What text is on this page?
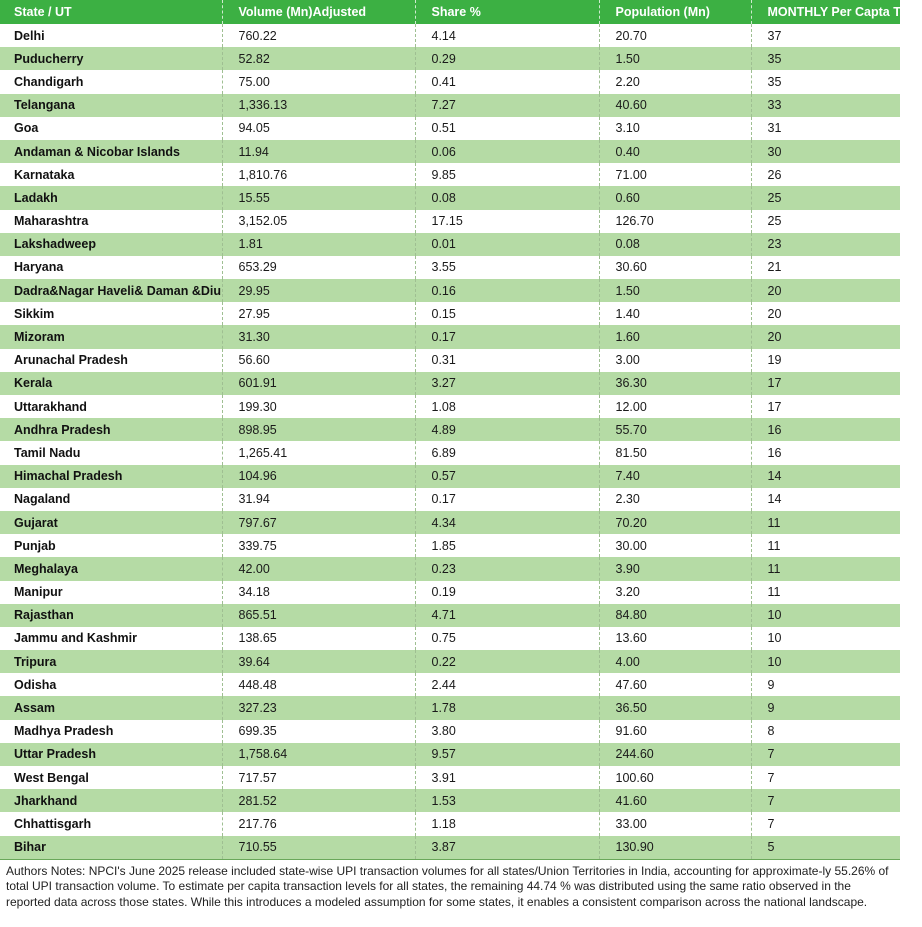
State / UT	Volume (Mn)Adjusted	Share %	Population (Mn)	MONTHLY Per Capta Txns
Delhi	760.22	4.14	20.70	37
Puducherry	52.82	0.29	1.50	35
Chandigarh	75.00	0.41	2.20	35
Telangana	1,336.13	7.27	40.60	33
Goa	94.05	0.51	3.10	31
Andaman & Nicobar Islands	11.94	0.06	0.40	30
Karnataka	1,810.76	9.85	71.00	26
Ladakh	15.55	0.08	0.60	25
Maharashtra	3,152.05	17.15	126.70	25
Lakshadweep	1.81	0.01	0.08	23
Haryana	653.29	3.55	30.60	21
Dadra&Nagar Haveli& Daman &Diu	29.95	0.16	1.50	20
Sikkim	27.95	0.15	1.40	20
Mizoram	31.30	0.17	1.60	20
Arunachal Pradesh	56.60	0.31	3.00	19
Kerala	601.91	3.27	36.30	17
Uttarakhand	199.30	1.08	12.00	17
Andhra Pradesh	898.95	4.89	55.70	16
Tamil Nadu	1,265.41	6.89	81.50	16
Himachal Pradesh	104.96	0.57	7.40	14
Nagaland	31.94	0.17	2.30	14
Gujarat	797.67	4.34	70.20	11
Punjab	339.75	1.85	30.00	11
Meghalaya	42.00	0.23	3.90	11
Manipur	34.18	0.19	3.20	11
Rajasthan	865.51	4.71	84.80	10
Jammu and Kashmir	138.65	0.75	13.60	10
Tripura	39.64	0.22	4.00	10
Odisha	448.48	2.44	47.60	9
Assam	327.23	1.78	36.50	9
Madhya Pradesh	699.35	3.80	91.60	8
Uttar Pradesh	1,758.64	9.57	244.60	7
West Bengal	717.57	3.91	100.60	7
Jharkhand	281.52	1.53	41.60	7
Chhattisgarh	217.76	1.18	33.00	7
Bihar	710.55	3.87	130.90	5
Authors Notes: NPCI's June 2025 release included state-wise UPI transaction volumes for all states/Union Territories in India, accounting for approximate-ly 55.26% of total UPI transaction volume. To estimate per capita transaction levels for all states, the remaining 44.74 % was distributed using the same ratio observed in the reported data across those states. While this introduces a modeled assumption for some states, it enables a consistent comparison across the national landscape.
